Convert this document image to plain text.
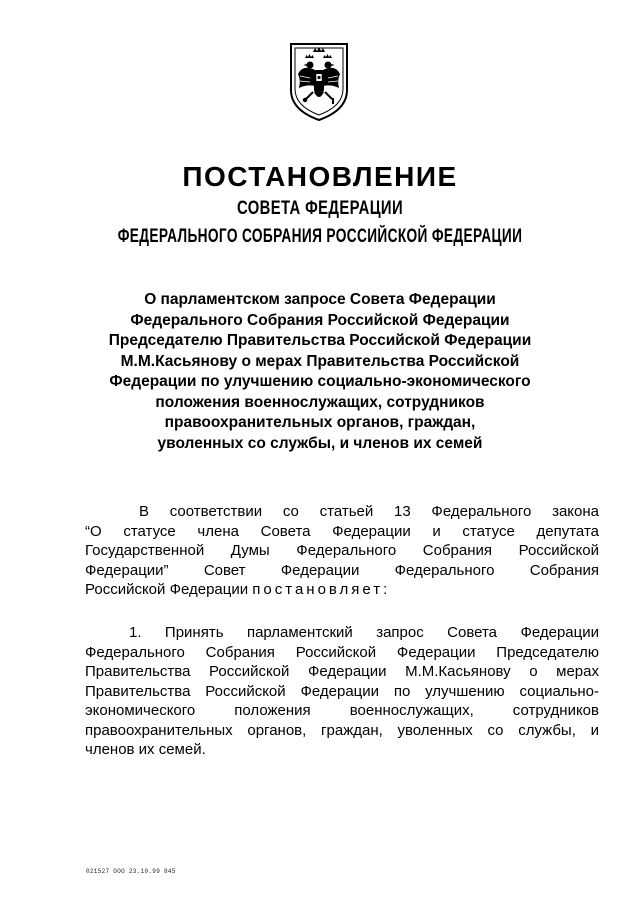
ПОСТАНОВЛЕНИЕ
СОВЕТА ФЕДЕРАЦИИ
ФЕДЕРАЛЬНОГО СОБРАНИЯ РОССИЙСКОЙ ФЕДЕРАЦИИ
О парламентском запросе Совета Федерации
Федерального Собрания Российской Федерации
Председателю Правительства Российской Федерации
М.М.Касьянову о мерах Правительства Российской
Федерации по улучшению социально-экономического
положения военнослужащих, сотрудников
правоохранительных органов, граждан,
уволенных со службы, и членов их семей
В соответствии со статьей 13 Федерального закона
“О статусе члена Совета Федерации и статусе депутата
Государственной Думы Федерального Собрания Российской
Федерации” Совет Федерации Федерального Собрания
Российской Федерации постановляет:
1. Принять парламентский запрос Совета Федерации
Федерального Собрания Российской Федерации Председателю
Правительства Российской Федерации М.М.Касьянову о мерах
Правительства Российской Федерации по улучшению социально-
экономического положения военнослужащих, сотрудников
правоохранительных органов, граждан, уволенных со службы, и
членов их семей.
021527 ООО 23.10.99 845
